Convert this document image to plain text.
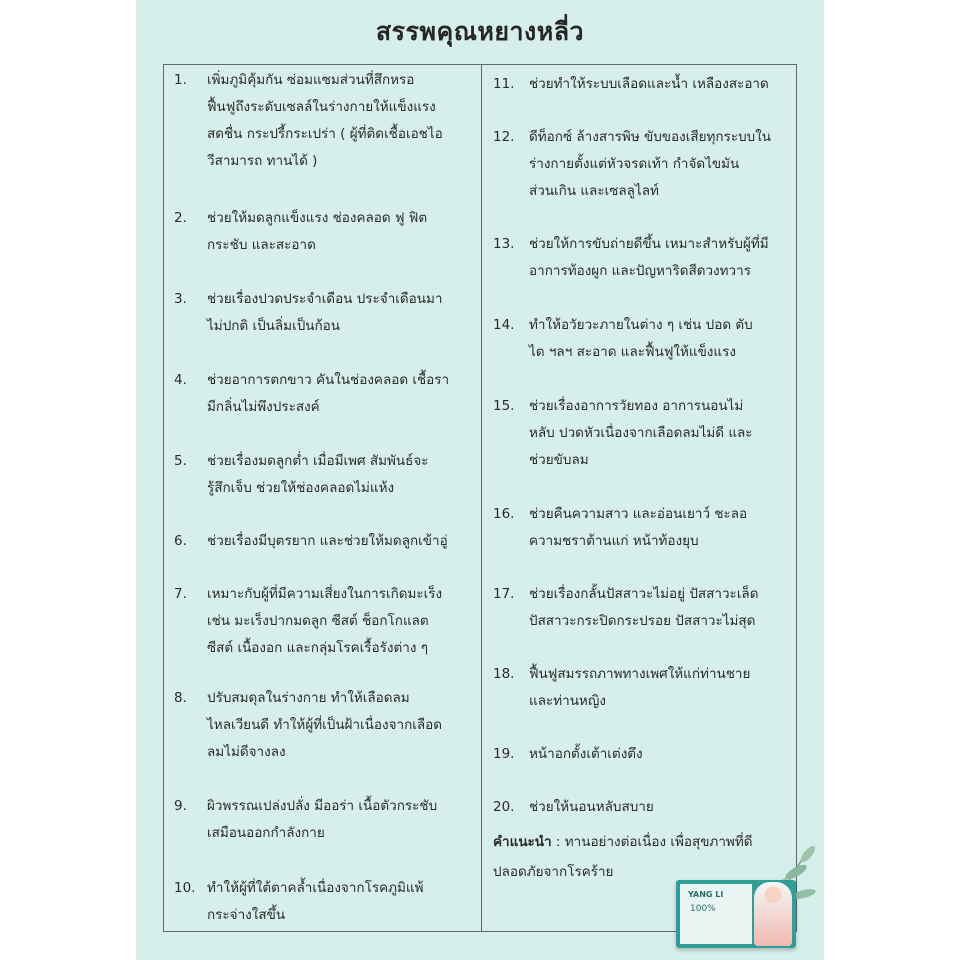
สรรพคุณหยางหลี่ว
1. เพิ่มภูมิคุ้มกัน ซ่อมแซมส่วนที่สึกหรอ
ฟื้นฟูถึงระดับเซลล์ในร่างกายให้แข็งแรง
สดชื่น กระปรี้กระเปร่า ( ผู้ที่ติดเชื้อเอชไอ
วีสามารถ ทานได้ )
2. ช่วยให้มดลูกแข็งแรง ช่องคลอด ฟู ฟิต
กระชับ และสะอาด
3. ช่วยเรื่องปวดประจำเดือน ประจำเดือนมา
ไม่ปกติ เป็นลิ่มเป็นก้อน
4. ช่วยอาการตกขาว คันในช่องคลอด เชื้อรา
มีกลิ่นไม่พึงประสงค์
5. ช่วยเรื่องมดลูกต่ำ เมื่อมีเพศ สัมพันธ์จะ
รู้สึกเจ็บ ช่วยให้ช่องคลอดไม่แห้ง
6. ช่วยเรื่องมีบุตรยาก และช่วยให้มดลูกเข้าอู่
7. เหมาะกับผู้ที่มีความเสี่ยงในการเกิดมะเร็ง
เช่น มะเร็งปากมดลูก ซีสต์ ช็อกโกแลต
ซีสต์ เนื้องอก และกลุ่มโรคเรื้อรังต่าง ๆ
8. ปรับสมดุลในร่างกาย ทำให้เลือดลม
ไหลเวียนดี ทำให้ผู้ที่เป็นฝ้าเนื่องจากเลือด
ลมไม่ดีจางลง
9. ผิวพรรณเปล่งปลั่ง มีออร่า เนื้อตัวกระชับ
เสมือนออกกำลังกาย
10. ทำให้ผู้ที่ใต้ตาคล้ำเนื่องจากโรคภูมิแพ้
กระจ่างใสขึ้น
11. ช่วยทำให้ระบบเลือดและน้ำ เหลืองสะอาด
12. ดีท็อกซ์ ล้างสารพิษ ขับของเสียทุกระบบใน
ร่างกายตั้งแต่หัวจรดเท้า กำจัดไขมัน
ส่วนเกิน และเซลลูไลท์
13. ช่วยให้การขับถ่ายดีขึ้น เหมาะสำหรับผู้ที่มี
อาการท้องผูก และปัญหาริดสีดวงทวาร
14. ทำให้อวัยวะภายในต่าง ๆ เช่น ปอด ตับ
ไต ฯลฯ สะอาด และฟื้นฟูให้แข็งแรง
15. ช่วยเรื่องอาการวัยทอง อาการนอนไม่
หลับ ปวดหัวเนื่องจากเลือดลมไม่ดี และ
ช่วยขับลม
16. ช่วยคืนความสาว และอ่อนเยาว์ ชะลอ
ความชราต้านแก่ หน้าท้องยุบ
17. ช่วยเรื่องกลั้นปัสสาวะไม่อยู่ ปัสสาวะเล็ด
ปัสสาวะกระปิดกระปรอย ปัสสาวะไม่สุด
18. ฟื้นฟูสมรรถภาพทางเพศให้แก่ท่านชาย
และท่านหญิง
19. หน้าอกตั้งเต้าเต่งตึง
20. ช่วยให้นอนหลับสบาย
คำแนะนำ : ทานอย่างต่อเนื่อง เพื่อสุขภาพที่ดี
ปลอดภัยจากโรคร้าย
YANG LI
100%
